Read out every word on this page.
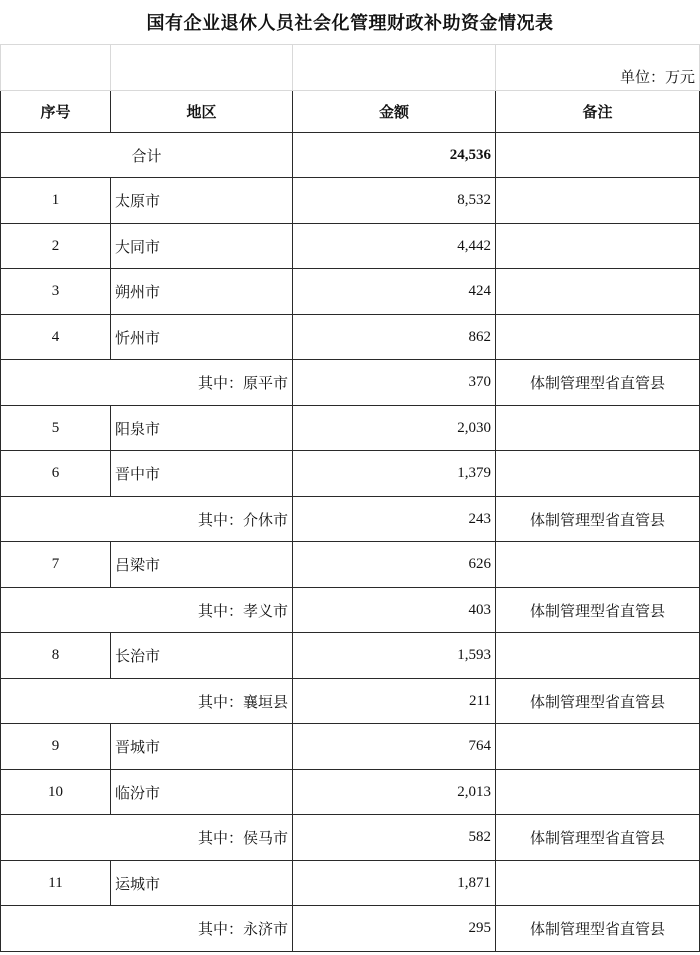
国有企业退休人员社会化管理财政补助资金情况表
			单位：万元
序号	地区	金额	备注
合计		24,536	
1	太原市	8,532	
2	大同市	4,442	
3	朔州市	424	
4	忻州市	862	
其中：原平市		370	体制管理型省直管县
5	阳泉市	2,030	
6	晋中市	1,379	
其中：介休市		243	体制管理型省直管县
7	吕梁市	626	
其中：孝义市		403	体制管理型省直管县
8	长治市	1,593	
其中：襄垣县		211	体制管理型省直管县
9	晋城市	764	
10	临汾市	2,013	
其中：侯马市		582	体制管理型省直管县
11	运城市	1,871	
其中：永济市		295	体制管理型省直管县
